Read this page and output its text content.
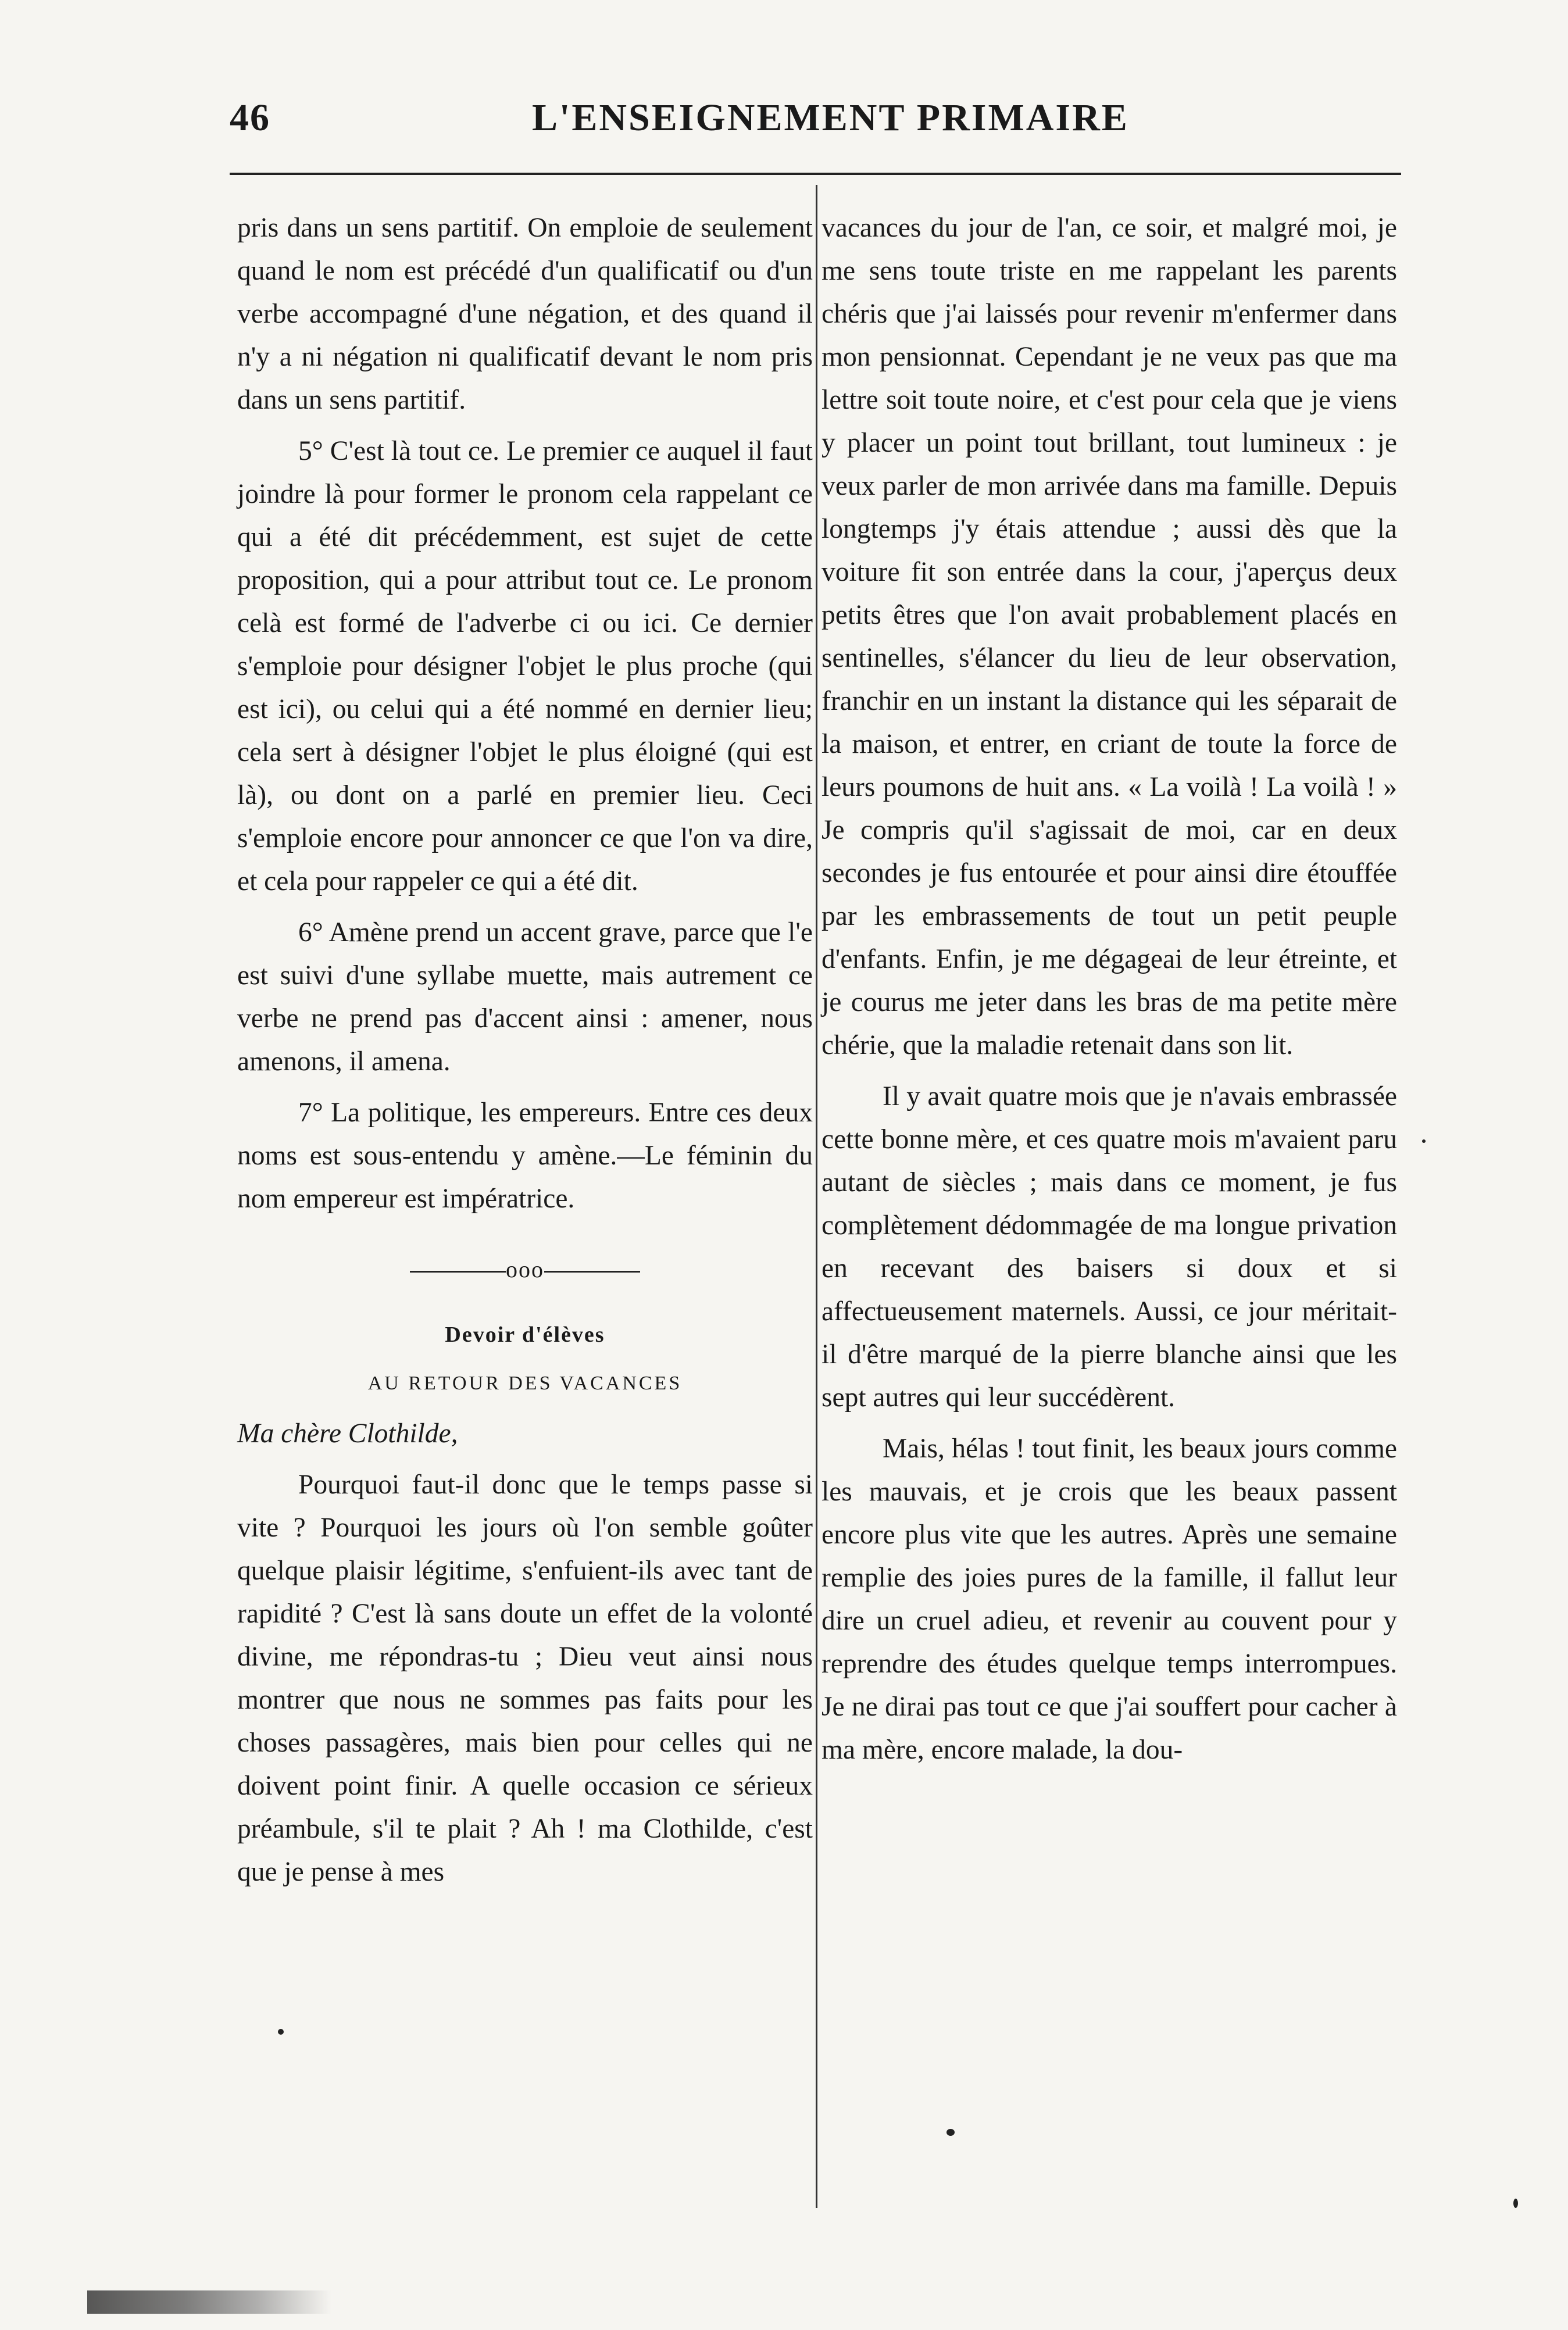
46	L'ENSEIGNEMENT PRIMAIRE

pris dans un sens partitif. On emploie de seulement quand le nom est précédé d'un qualificatif ou d'un verbe accompagné d'une négation, et des quand il n'y a ni négation ni qualificatif devant le nom pris dans un sens partitif.

5° C'est là tout ce. Le premier ce auquel il faut joindre là pour former le pronom cela rappelant ce qui a été dit précédemment, est sujet de cette proposition, qui a pour attribut tout ce. Le pronom celà est formé de l'adverbe ci ou ici. Ce dernier s'emploie pour désigner l'objet le plus proche (qui est ici), ou celui qui a été nommé en dernier lieu; cela sert à désigner l'objet le plus éloigné (qui est là), ou dont on a parlé en premier lieu. Ceci s'emploie encore pour annoncer ce que l'on va dire, et cela pour rappeler ce qui a été dit.

6° Amène prend un accent grave, parce que l'e est suivi d'une syllabe muette, mais autrement ce verbe ne prend pas d'accent ainsi : amener, nous amenons, il amena.

7° La politique, les empereurs. Entre ces deux noms est sous-entendu y amène.—Le féminin du nom empereur est impératrice.

ooo

Devoir d'élèves

AU RETOUR DES VACANCES

Ma chère Clothilde,

Pourquoi faut-il donc que le temps passe si vite ? Pourquoi les jours où l'on semble goûter quelque plaisir légitime, s'enfuient-ils avec tant de rapidité ? C'est là sans doute un effet de la volonté divine, me répondras-tu ; Dieu veut ainsi nous montrer que nous ne sommes pas faits pour les choses passagères, mais bien pour celles qui ne doivent point finir. A quelle occasion ce sérieux préambule, s'il te plait ? Ah ! ma Clothilde, c'est que je pense à mes

vacances du jour de l'an, ce soir, et malgré moi, je me sens toute triste en me rappelant les parents chéris que j'ai laissés pour revenir m'enfermer dans mon pensionnat. Cependant je ne veux pas que ma lettre soit toute noire, et c'est pour cela que je viens y placer un point tout brillant, tout lumineux : je veux parler de mon arrivée dans ma famille. Depuis longtemps j'y étais attendue ; aussi dès que la voiture fit son entrée dans la cour, j'aperçus deux petits êtres que l'on avait probablement placés en sentinelles, s'élancer du lieu de leur observation, franchir en un instant la distance qui les séparait de la maison, et entrer, en criant de toute la force de leurs poumons de huit ans. « La voilà ! La voilà ! » Je compris qu'il s'agissait de moi, car en deux secondes je fus entourée et pour ainsi dire étouffée par les embrassements de tout un petit peuple d'enfants. Enfin, je me dégageai de leur étreinte, et je courus me jeter dans les bras de ma petite mère chérie, que la maladie retenait dans son lit.

Il y avait quatre mois que je n'avais embrassée cette bonne mère, et ces quatre mois m'avaient paru autant de siècles ; mais dans ce moment, je fus complètement dédommagée de ma longue privation en recevant des baisers si doux et si affectueusement maternels. Aussi, ce jour méritait-il d'être marqué de la pierre blanche ainsi que les sept autres qui leur succédèrent.

Mais, hélas ! tout finit, les beaux jours comme les mauvais, et je crois que les beaux passent encore plus vite que les autres. Après une semaine remplie des joies pures de la famille, il fallut leur dire un cruel adieu, et revenir au couvent pour y reprendre des études quelque temps interrompues. Je ne dirai pas tout ce que j'ai souffert pour cacher à ma mère, encore malade, la dou-
